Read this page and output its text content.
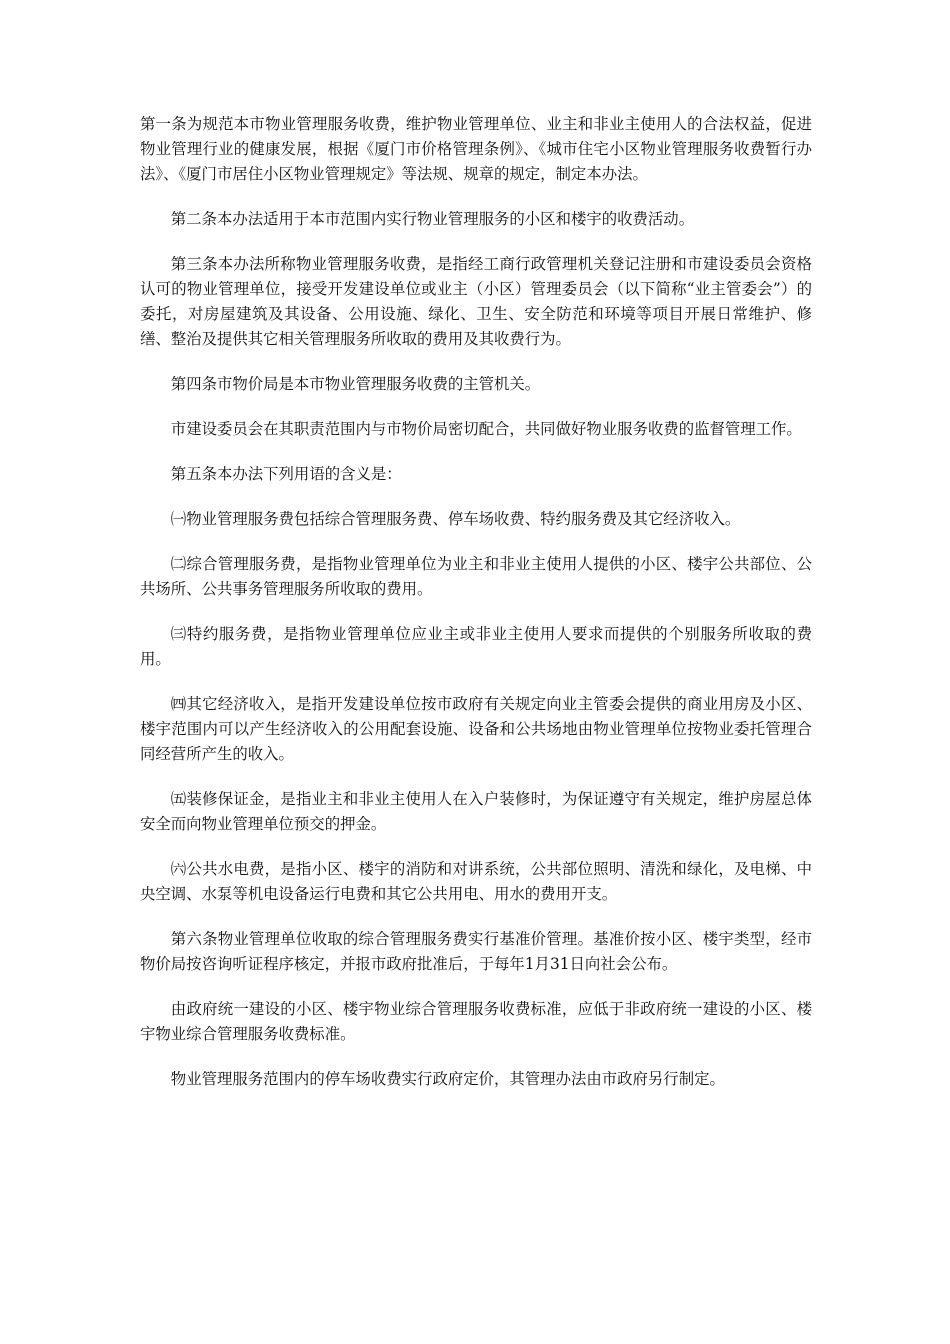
第一条为规范本市物业管理服务收费，维护物业管理单位、业主和非业主使用人的合法权益，促进物业管理行业的健康发展，根据《厦门市价格管理条例》、《城市住宅小区物业管理服务收费暂行办法》、《厦门市居住小区物业管理规定》等法规、规章的规定，制定本办法。

第二条本办法适用于本市范围内实行物业管理服务的小区和楼宇的收费活动。

第三条本办法所称物业管理服务收费，是指经工商行政管理机关登记注册和市建设委员会资格认可的物业管理单位，接受开发建设单位或业主（小区）管理委员会（以下简称“业主管委会”）的委托，对房屋建筑及其设备、公用设施、绿化、卫生、安全防范和环境等项目开展日常维护、修缮、整治及提供其它相关管理服务所收取的费用及其收费行为。

第四条市物价局是本市物业管理服务收费的主管机关。

市建设委员会在其职责范围内与市物价局密切配合，共同做好物业服务收费的监督管理工作。

第五条本办法下列用语的含义是：

㈠物业管理服务费包括综合管理服务费、停车场收费、特约服务费及其它经济收入。

㈡综合管理服务费，是指物业管理单位为业主和非业主使用人提供的小区、楼宇公共部位、公共场所、公共事务管理服务所收取的费用。

㈢特约服务费，是指物业管理单位应业主或非业主使用人要求而提供的个别服务所收取的费用。

㈣其它经济收入，是指开发建设单位按市政府有关规定向业主管委会提供的商业用房及小区、楼宇范围内可以产生经济收入的公用配套设施、设备和公共场地由物业管理单位按物业委托管理合同经营所产生的收入。

㈤装修保证金，是指业主和非业主使用人在入户装修时，为保证遵守有关规定，维护房屋总体安全而向物业管理单位预交的押金。

㈥公共水电费，是指小区、楼宇的消防和对讲系统，公共部位照明、清洗和绿化，及电梯、中央空调、水泵等机电设备运行电费和其它公共用电、用水的费用开支。

第六条物业管理单位收取的综合管理服务费实行基准价管理。基准价按小区、楼宇类型，经市物价局按咨询听证程序核定，并报市政府批准后，于每年1月31日向社会公布。

由政府统一建设的小区、楼宇物业综合管理服务收费标准，应低于非政府统一建设的小区、楼宇物业综合管理服务收费标准。

物业管理服务范围内的停车场收费实行政府定价，其管理办法由市政府另行制定。
